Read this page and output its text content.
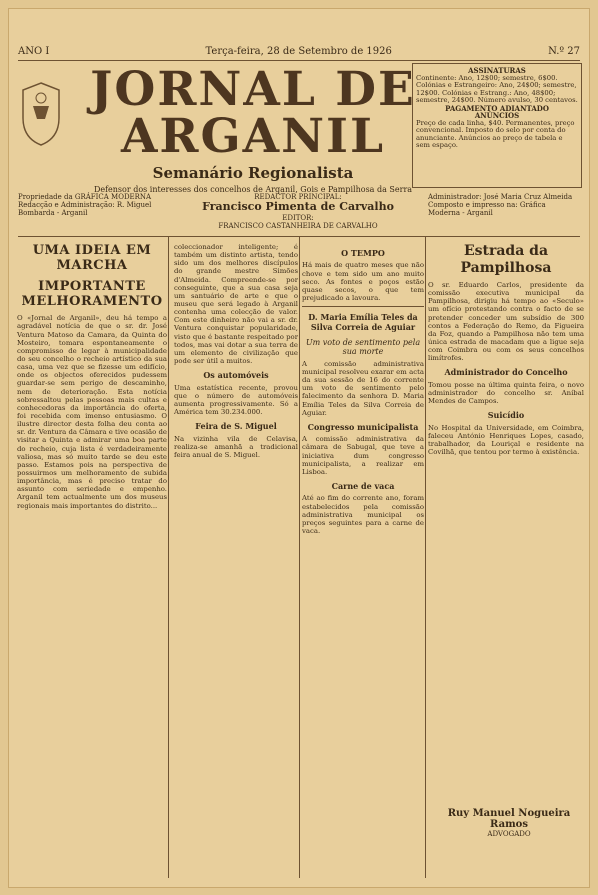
ANO I	Terça-feira, 28 de Setembro de 1926	N.º 27
JORNAL DE ARGANIL
Semanário Regionalista
Defensor dos interesses dos concelhos de Arganil, Gois e Pampilhosa da Serra
ASSINATURAS
Continente: Ano, 12$00; semestre, 6$00. Colónias e Estrangeiro: Ano, 24$00; semestre, 12$00. Colónias e Estrang.: Ano, 48$00; semestre, 24$00. Número avulso, 30 centavos.
PAGAMENTO ADIANTADO
ANÚNCIOS
Preço de cada linha, $40. Permanentes, preço convencional. Imposto do selo por conta do anunciante. Anúncios ao preço de tabela e sem espaço.
Propriedade da GRÁFICA MODERNA
Redacção e Administração: R. Miguel Bombarda - Arganil
REDACTOR PRINCIPAL:
Francisco Pimenta de Carvalho
EDITOR:
FRANCISCO CASTANHEIRA DE CARVALHO
Administrador: José Maria Cruz Almeida
Composto e impresso na: Gráfica Moderna - Arganil
UMA IDEIA EM MARCHA
IMPORTANTE MELHORAMENTO

O «Jornal de Arganil», deu há tempo a agradável notícia de que o sr. dr. José Ventura Matoso da Camara, da Quinta do Mosteiro, tomara espontaneamente o compromisso de legar à municipalidade do seu concelho o recheio artístico da sua casa, uma vez que se fizesse um edifício, onde os objectos oferecidos pudessem guardar-se sem perigo de descaminho, nem de deterioração. Esta notícia sobressaltou pelas pessoas mais cultas e conhecedoras da importância do oferta, foi recebida com imenso entusiasmo. O ilustre director desta folha deu conta ao sr. dr. Ventura da Câmara e tive ocasião de visitar a Quinta e admirar uma boa parte do recheio, cuja lista é verdadeiramente valiosa, mas só muito tarde se deu este passo. Estamos pois na perspectiva de possuirmos um melhoramento de subida importância, mas é preciso tratar do assunto com seriedade e empenho. Arganil tem actualmente um dos museus regionais mais importantes do distrito...

coleccionador inteligente; é também um distinto artista, tendo sido um dos melhores discípulos do grande mestre Simões d'Almeida. Compreende-se por conseguinte, que a sua casa seja um santuário de arte e que o museu que será legado à Arganil contenha uma colecção de valor. Com este dinheiro não vai a sr. dr. Ventura conquistar popularidade, visto que é bastante respeitado por todos, mas vai dotar a sua terra de um elemento de civilização que pode ser útil a muitos.

Os automóveis

Uma estatística recente, provou que o número de automóveis aumenta progressivamente. Só a América tem 30.234.000.

Feira de S. Miguel

Na vizinha vila de Celavisa, realiza-se amanhã a tradicional feira anual de S. Miguel.

O TEMPO

Há mais de quatro meses que não chove e tem sido um ano muito seco. As fontes e poços estão quase secos, o que tem prejudicado a lavoura.

D. Maria Emília Teles da Silva Correia de Aguiar
Um voto de sentimento pela sua morte

A comissão administrativa municipal resolveu exarar em acta da sua sessão de 16 do corrente um voto de sentimento pelo falecimento da senhora D. Maria Emília Teles da Silva Correia de Aguiar.

Congresso municipalista

A comissão administrativa da câmara de Sabugal, que teve a iniciativa dum congresso municipalista, a realizar em Lisboa.

Carne de vaca

Até ao fim do corrente ano, foram estabelecidos pela comissão administrativa municipal os preços seguintes para a carne de vaca.

Estrada da Pampilhosa

O sr. Eduardo Carlos, presidente da comissão executiva municipal da Pampilhosa, dirigiu há tempo ao «Seculo» um ofício protestando contra o facto de se pretender conceder um subsídio de 300 contos a Federação do Remo, da Figueira da Foz, quando a Pampilhosa não tem uma única estrada de macadam que a ligue seja com Coimbra ou com os seus concelhos limítrofes.

Administrador do Concelho

Tomou posse na última quinta feira, o novo administrador do concelho sr. Aníbal Mendes de Campos.

Suicídio

No Hospital da Universidade, em Coimbra, faleceu António Henriques Lopes, casado, trabalhador, da Louriçal e residente na Covilhã, que tentou por termo à existência.

Ruy Manuel Nogueira Ramos
ADVOGADO
